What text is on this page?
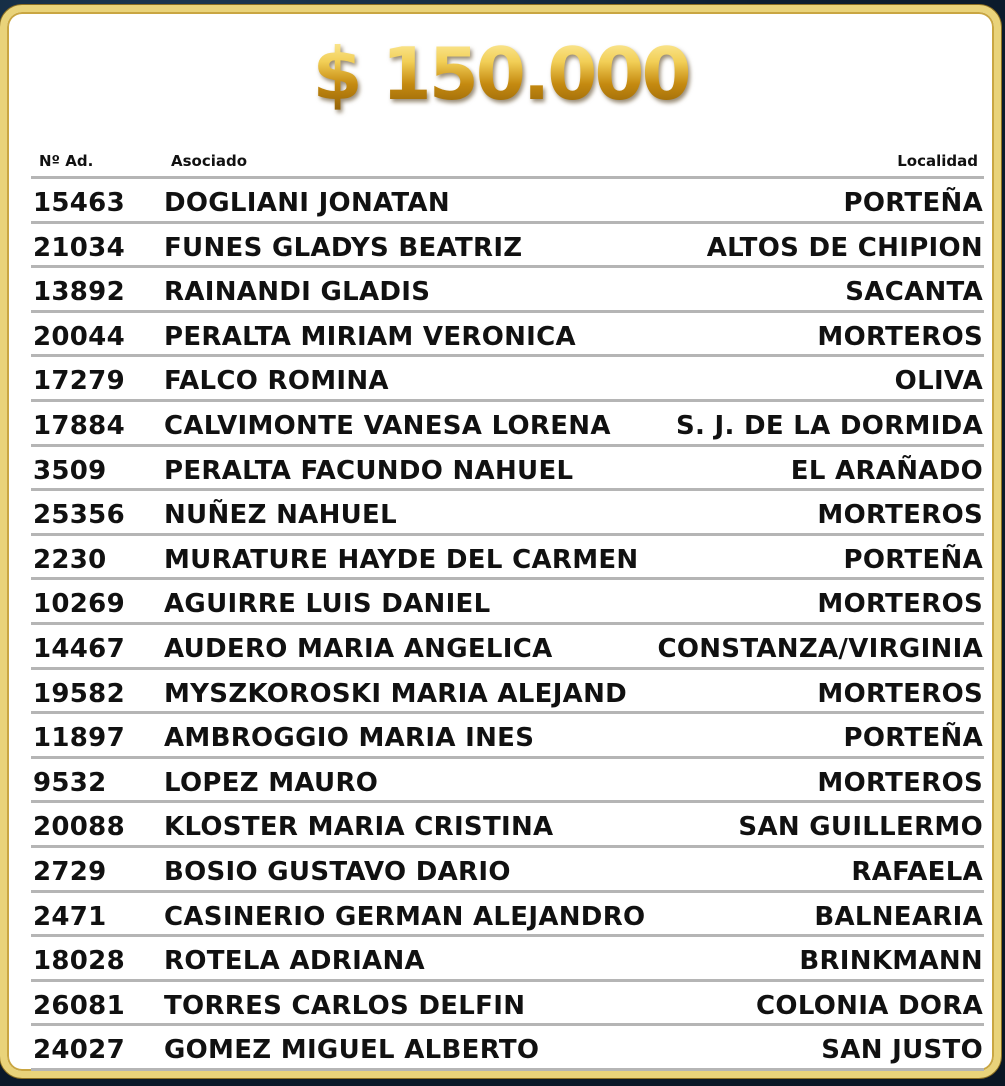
$ 150.000
Nº Ad.	Asociado	Localidad
15463 DOGLIANI JONATAN	PORTEÑA
21034 FUNES GLADYS BEATRIZ	ALTOS DE CHIPION
13892 RAINANDI GLADIS	SACANTA
20044 PERALTA MIRIAM VERONICA	MORTEROS
17279 FALCO ROMINA	OLIVA
17884 CALVIMONTE VANESA LORENA	S. J. DE LA DORMIDA
3509 PERALTA FACUNDO NAHUEL	EL ARAÑADO
25356 NUÑEZ NAHUEL	MORTEROS
2230 MURATURE HAYDE DEL CARMEN	PORTEÑA
10269 AGUIRRE LUIS DANIEL	MORTEROS
14467 AUDERO MARIA ANGELICA	CONSTANZA/VIRGINIA
19582 MYSZKOROSKI MARIA ALEJAND	MORTEROS
11897 AMBROGGIO MARIA INES	PORTEÑA
9532 LOPEZ MAURO	MORTEROS
20088 KLOSTER MARIA CRISTINA	SAN GUILLERMO
2729 BOSIO GUSTAVO DARIO	RAFAELA
2471 CASINERIO GERMAN ALEJANDRO	BALNEARIA
18028 ROTELA ADRIANA	BRINKMANN
26081 TORRES CARLOS DELFIN	COLONIA DORA
24027 GOMEZ MIGUEL ALBERTO	SAN JUSTO
